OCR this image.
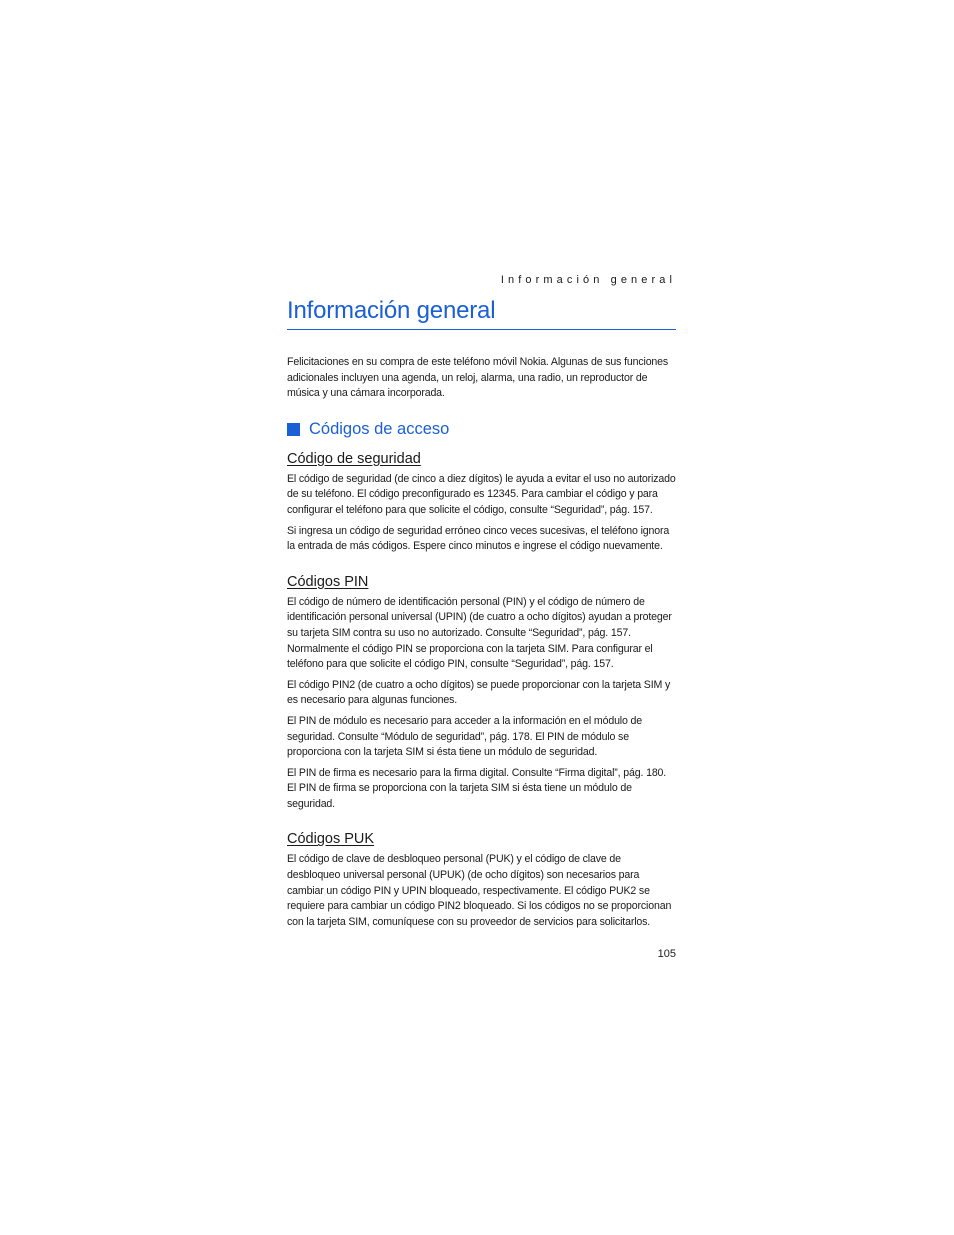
Información general
Información general

Felicitaciones en su compra de este teléfono móvil Nokia. Algunas de sus funciones adicionales incluyen una agenda, un reloj, alarma, una radio, un reproductor de música y una cámara incorporada.

Códigos de acceso
Código de seguridad

El código de seguridad (de cinco a diez dígitos) le ayuda a evitar el uso no autorizado de su teléfono. El código preconfigurado es 12345. Para cambiar el código y para configurar el teléfono para que solicite el código, consulte “Seguridad”, pág. 157.

Si ingresa un código de seguridad erróneo cinco veces sucesivas, el teléfono ignora la entrada de más códigos. Espere cinco minutos e ingrese el código nuevamente.

Códigos PIN

El código de número de identificación personal (PIN) y el código de número de identificación personal universal (UPIN) (de cuatro a ocho dígitos) ayudan a proteger su tarjeta SIM contra su uso no autorizado. Consulte “Seguridad”, pág. 157. Normalmente el código PIN se proporciona con la tarjeta SIM. Para configurar el teléfono para que solicite el código PIN, consulte “Seguridad”, pág. 157.

El código PIN2 (de cuatro a ocho dígitos) se puede proporcionar con la tarjeta SIM y es necesario para algunas funciones.

El PIN de módulo es necesario para acceder a la información en el módulo de seguridad. Consulte “Módulo de seguridad”, pág. 178. El PIN de módulo se proporciona con la tarjeta SIM si ésta tiene un módulo de seguridad.

El PIN de firma es necesario para la firma digital. Consulte “Firma digital”, pág. 180. El PIN de firma se proporciona con la tarjeta SIM si ésta tiene un módulo de seguridad.

Códigos PUK

El código de clave de desbloqueo personal (PUK) y el código de clave de desbloqueo universal personal (UPUK) (de ocho dígitos) son necesarios para cambiar un código PIN y UPIN bloqueado, respectivamente. El código PUK2 se requiere para cambiar un código PIN2 bloqueado. Si los códigos no se proporcionan con la tarjeta SIM, comuníquese con su proveedor de servicios para solicitarlos.

105
